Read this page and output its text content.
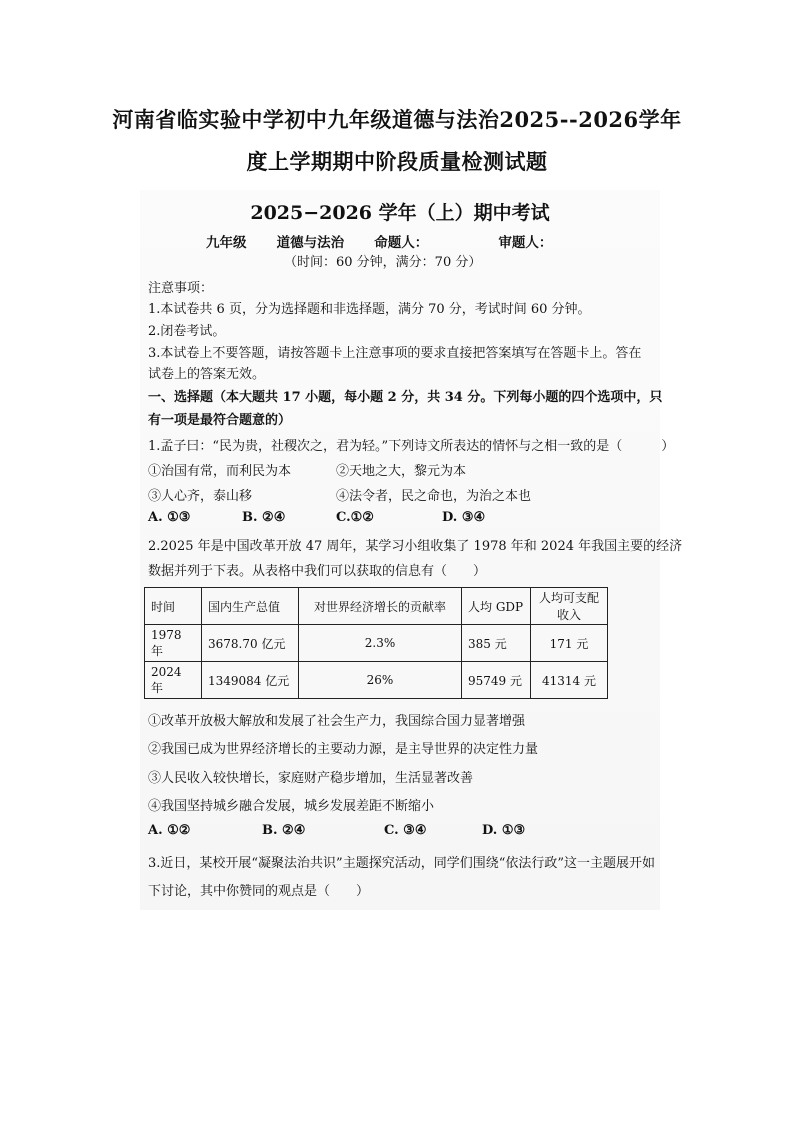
河南省临实验中学初中九年级道德与法治2025--2026学年
度上学期期中阶段质量检测试题
2025−2026 学年（上）期中考试
九年级 道德与法治 命题人：	审题人：
（时间：60 分钟，满分：70 分）
注意事项：
1.本试卷共 6 页，分为选择题和非选择题，满分 70 分，考试时间 60 分钟。
2.闭卷考试。
3.本试卷上不要答题，请按答题卡上注意事项的要求直接把答案填写在答题卡上。答在
试卷上的答案无效。
一、选择题（本大题共 17 小题，每小题 2 分，共 34 分。下列每小题的四个选项中，只
有一项是最符合题意的）
1.孟子曰：“民为贵，社稷次之，君为轻。”下列诗文所表达的情怀与之相一致的是（　　　）
①治国有常，而利民为本	②天地之大，黎元为本
③人心齐，泰山移	④法令者，民之命也，为治之本也
A. ①③	B. ②④	C.①②	D. ③④
2.2025 年是中国改革开放 47 周年，某学习小组收集了 1978 年和 2024 年我国主要的经济
数据并列于下表。从表格中我们可以获取的信息有（　　）
时间	国内生产总值	对世界经济增长的贡献率	人均 GDP	人均可支配收入
1978 年	3678.70 亿元	2.3%	385 元	171 元
2024 年	1349084 亿元	26%	95749 元	41314 元
①改革开放极大解放和发展了社会生产力，我国综合国力显著增强
②我国已成为世界经济增长的主要动力源，是主导世界的决定性力量
③人民收入较快增长，家庭财产稳步增加，生活显著改善
④我国坚持城乡融合发展，城乡发展差距不断缩小
A. ①②	B. ②④	C. ③④	D. ①③
3.近日，某校开展“凝聚法治共识”主题探究活动，同学们围绕“依法行政”这一主题展开如
下讨论，其中你赞同的观点是（　　）
